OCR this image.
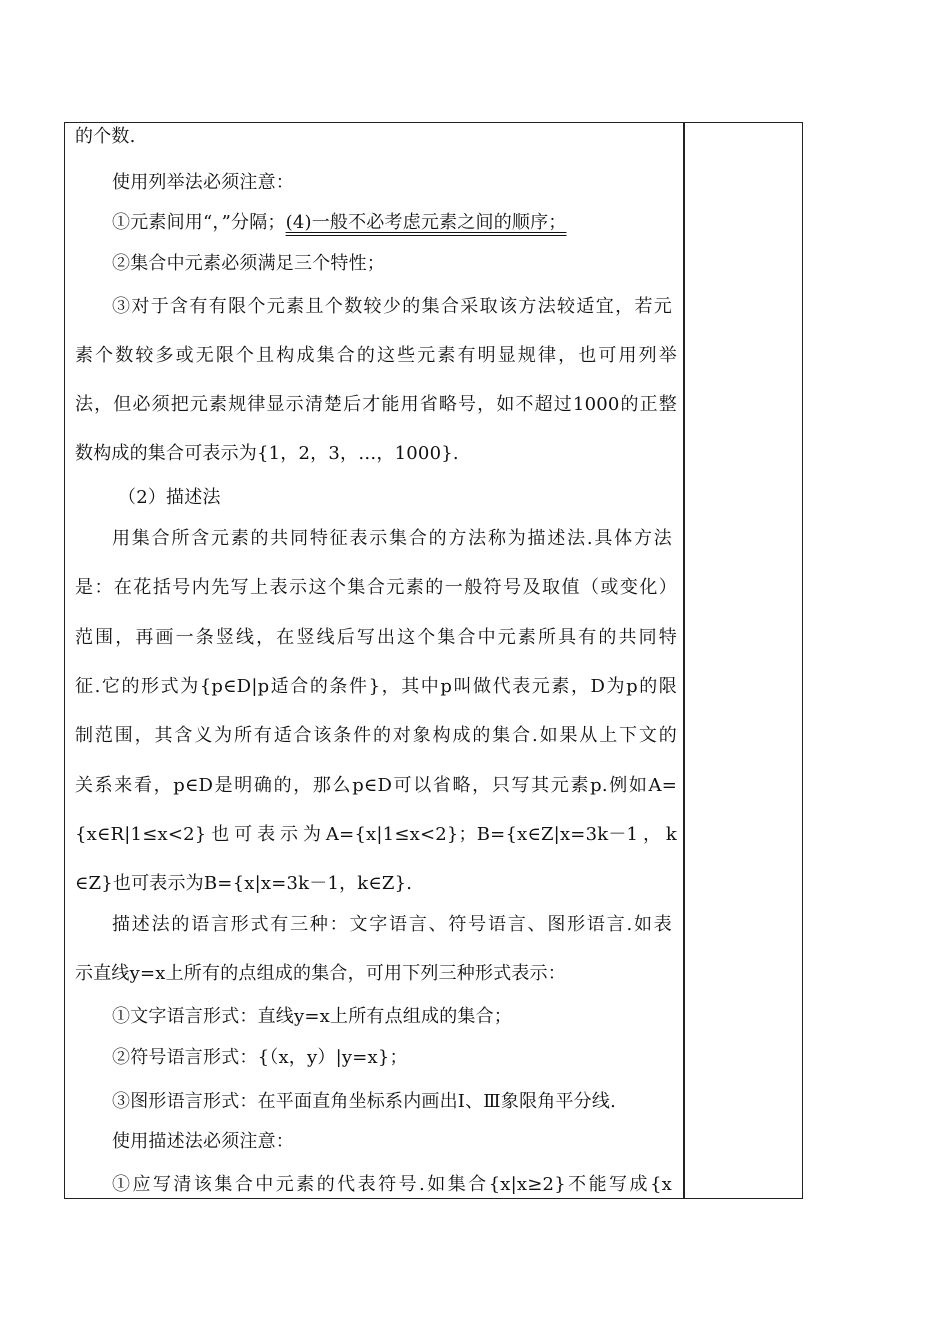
的个数.
使用列举法必须注意：
①元素间用“，”分隔；(4)一般不必考虑元素之间的顺序；
②集合中元素必须满足三个特性；
③对于含有有限个元素且个数较少的集合采取该方法较适宜，若元
素个数较多或无限个且构成集合的这些元素有明显规律，也可用列举
法，但必须把元素规律显示清楚后才能用省略号，如不超过1000的正整
数构成的集合可表示为{1，2，3，…，1000}.
（2）描述法
用集合所含元素的共同特征表示集合的方法称为描述法.具体方法
是：在花括号内先写上表示这个集合元素的一般符号及取值（或变化）
范围，再画一条竖线，在竖线后写出这个集合中元素所具有的共同特
征.它的形式为{p∈D|p适合的条件}，其中p叫做代表元素，D为p的限
制范围，其含义为所有适合该条件的对象构成的集合.如果从上下文的
关系来看，p∈D是明确的，那么p∈D可以省略，只写其元素p.例如A=
{x∈R|1≤x<2}也可表示为A={x|1≤x<2}；B={x∈Z|x=3k－1，k
∈Z}也可表示为B={x|x=3k－1，k∈Z}.
描述法的语言形式有三种：文字语言、符号语言、图形语言.如表
示直线y=x上所有的点组成的集合，可用下列三种形式表示：
①文字语言形式：直线y=x上所有点组成的集合；
②符号语言形式：{（x，y）|y=x}；
③图形语言形式：在平面直角坐标系内画出Ⅰ、Ⅲ象限角平分线.
使用描述法必须注意：
①应写清该集合中元素的代表符号.如集合{x|x≥2}不能写成{x
